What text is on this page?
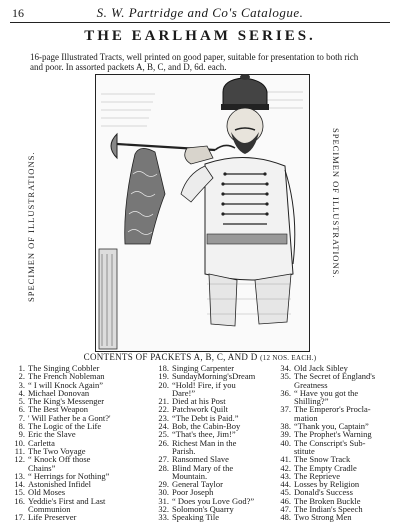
16	S. W. Partridge and Co's Catalogue.
THE EARLHAM SERIES.
16-page Illustrated Tracts, well printed on good paper, suitable for presentation to both rich and poor. In assorted packets A, B, C, and D, 6d. each.
SPECIMEN OF ILLUSTRATIONS.	SPECIMEN OF ILLUSTRATIONS.
CONTENTS OF PACKETS A, B, C, AND D (12 NOS. EACH.)
1. The Singing Cobbler
2. The French Nobleman
3. “ I will Knock Again”
4. Michael Donovan
5. The King's Messenger
6. The Best Weapon
7. ' Will Father be a Gont?'
8. The Logic of the Life
9. Eric the Slave
10. Carletta
11. The Two Voyage
12. “ Knock Off those
Chains”
13. “ Herrings for Nothing”
14. Astonished Infidel
15. Old Moses
16. Yeddie's First and Last
Communion
17. Life Preserver
18. Singing Carpenter
19. SundayMorning'sDream
20. “Hold! Fire, if you
Dare!”
21. Died at his Post
22. Patchwork Quilt
23. “The Debt is Paid.”
24. Bob, the Cabin-Boy
25. “That's thee, Jim!”
26. Richest Man in the
Parish.
27. Ransomed Slave
28. Blind Mary of the
Mountain.
29. General Taylor
30. Poor Joseph
31. “ Does you Love God?”
32. Solomon's Quarry
33. Speaking Tile
34. Old Jack Sibley
35. The Secret of England's
Greatness
36. “ Have you got the
Shilling?”
37. The Emperor's Procla-
mation
38. “Thank you, Captain”
39. The Prophet's Warning
40. The Conscript's Sub-
stitute
41. The Snow Track
42. The Empty Cradle
43. The Reprieve
44. Losses by Religion
45. Donald's Success
46. The Broken Buckle
47. The Indian's Speech
48. Two Strong Men
